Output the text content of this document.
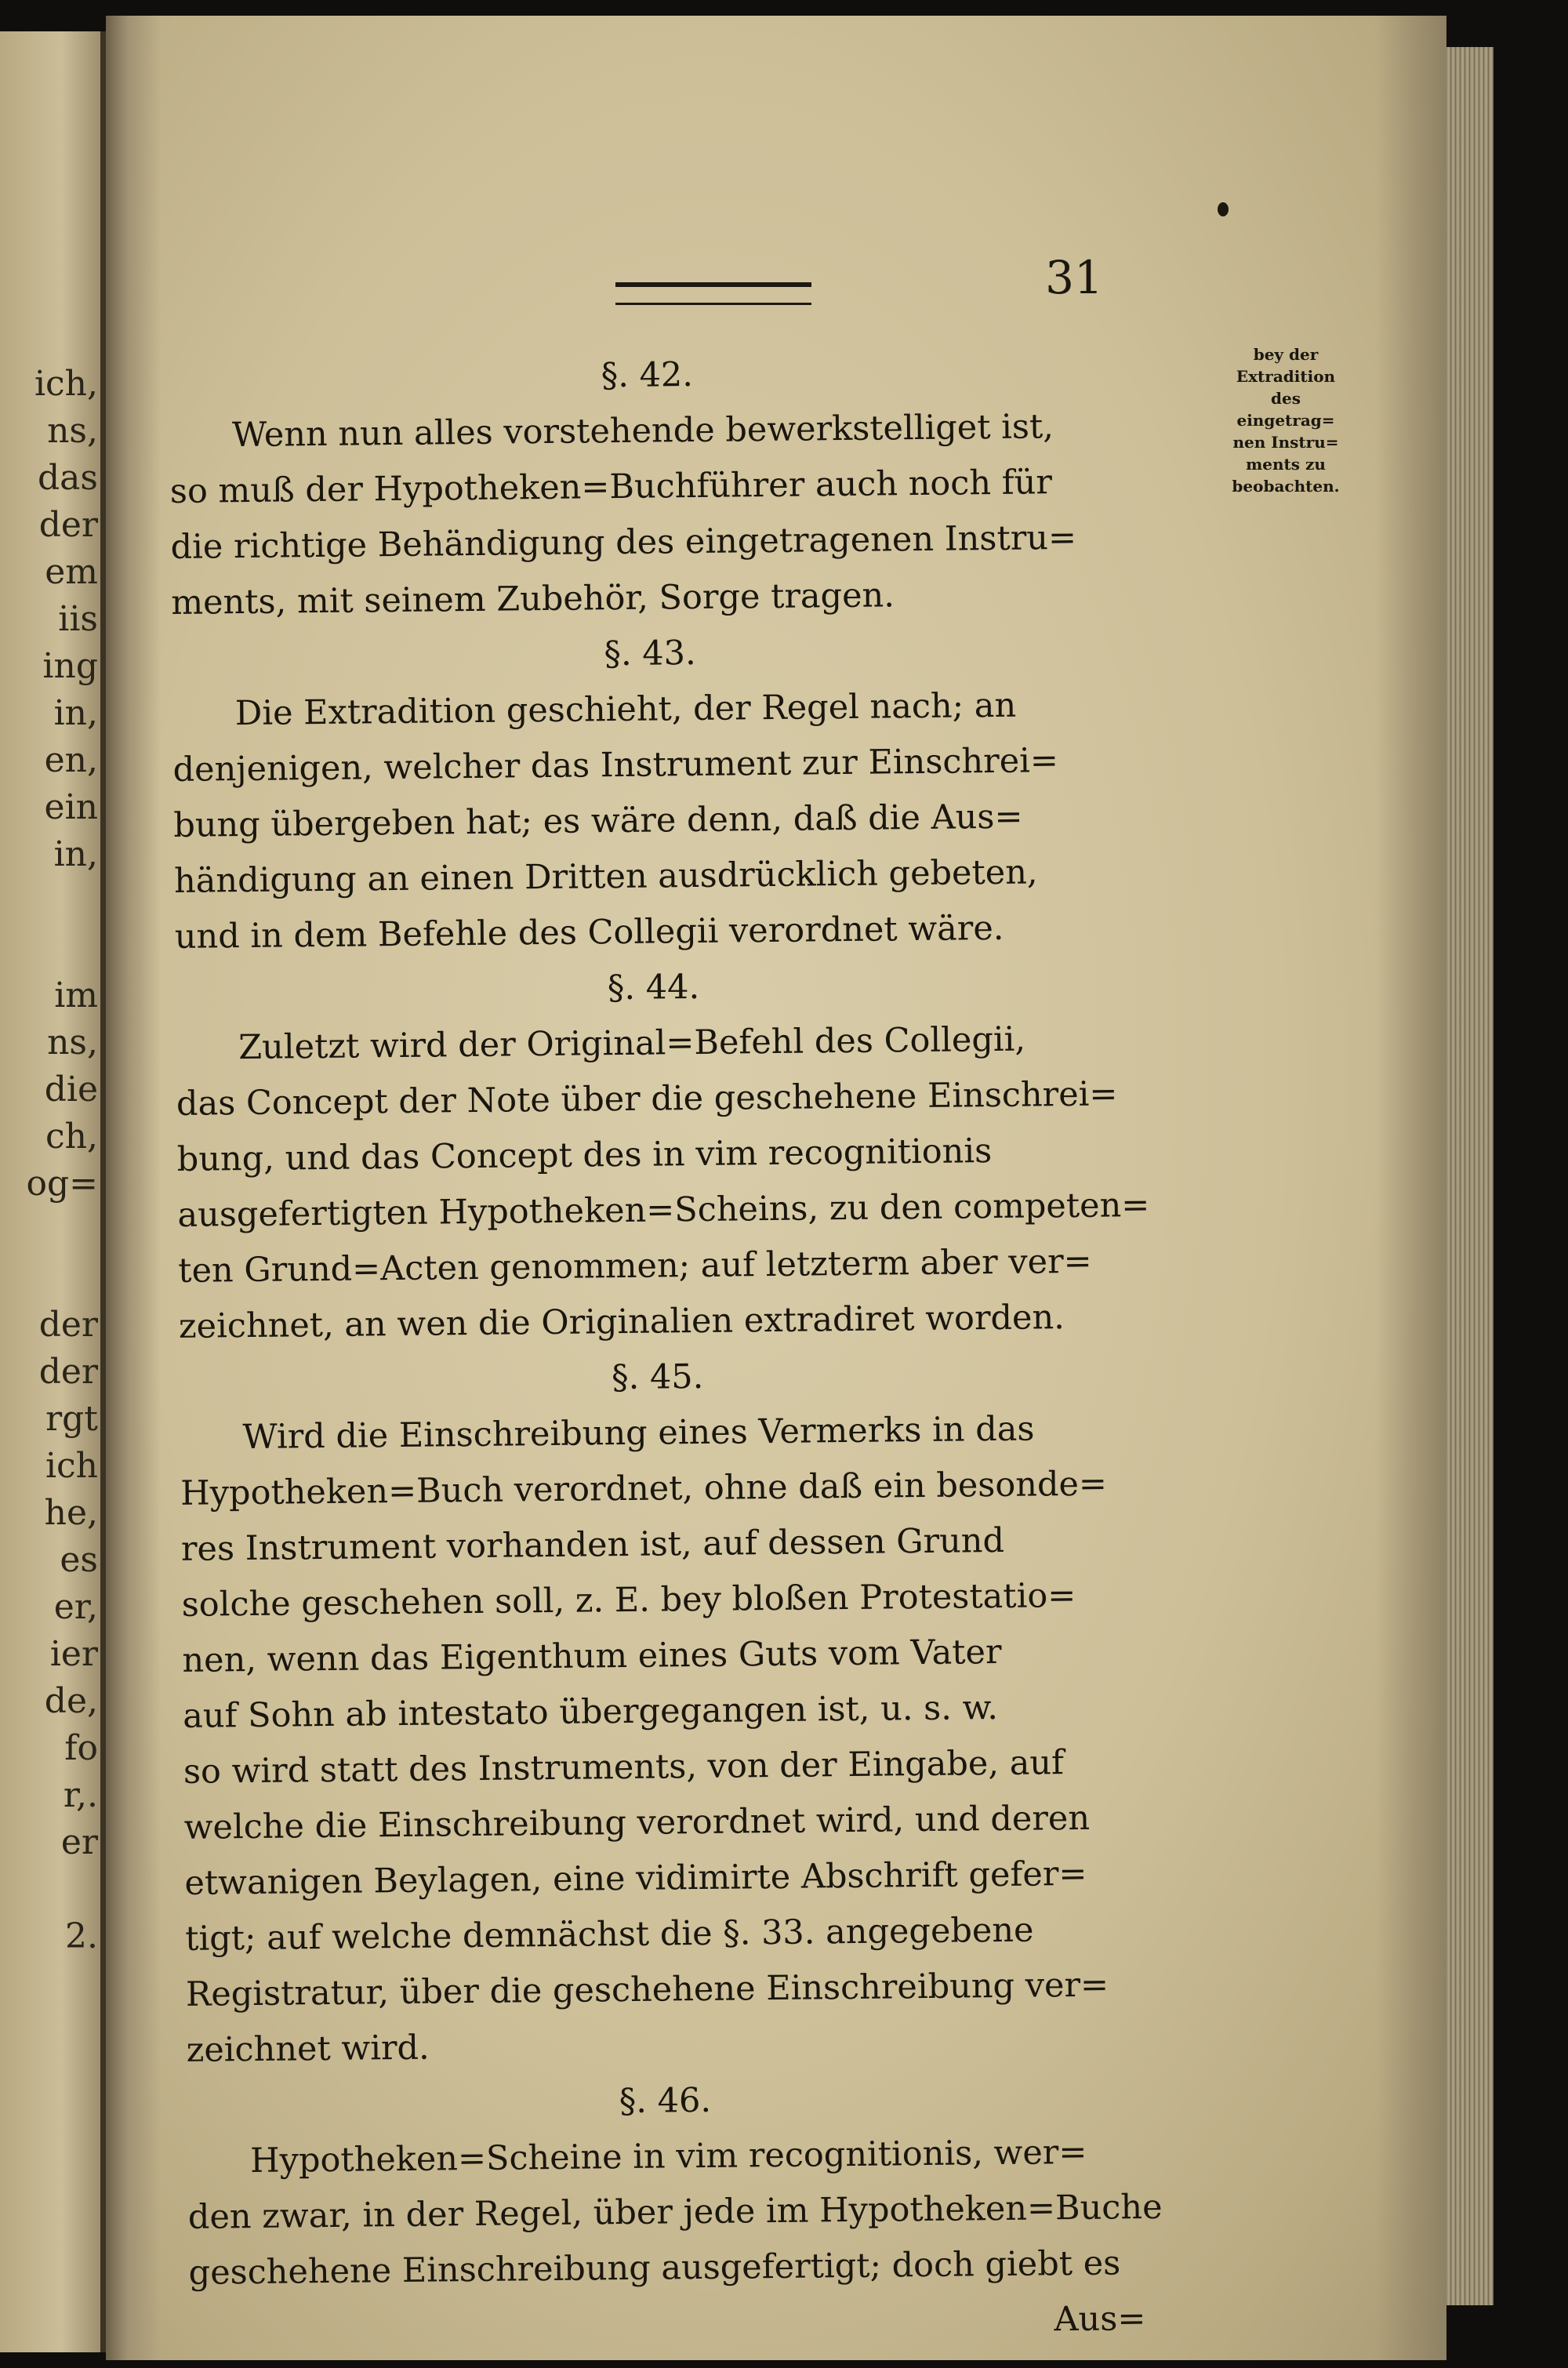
ich,
ns,
das
der
em
iis
ing
in,
en,
ein
in,
im
ns,
die
ch,
og=
der
der
rgt
ich
he,
es
er,
ier
de,
fo
r,.
er
2.
31
bey der
Extradition
des
eingetrag=
nen Instru=
ments zu
beobachten.
§. 42.
Wenn nun alles vorstehende bewerkstelliget ist,
so muß der Hypotheken=Buchführer auch noch für
die richtige Behändigung des eingetragenen Instru=
ments, mit seinem Zubehör, Sorge tragen.
§. 43.
Die Extradition geschieht, der Regel nach; an
denjenigen, welcher das Instrument zur Einschrei=
bung übergeben hat; es wäre denn, daß die Aus=
händigung an einen Dritten ausdrücklich gebeten,
und in dem Befehle des Collegii verordnet wäre.
§. 44.
Zuletzt wird der Original=Befehl des Collegii,
das Concept der Note über die geschehene Einschrei=
bung, und das Concept des in vim recognitionis
ausgefertigten Hypotheken=Scheins, zu den competen=
ten Grund=Acten genommen; auf letzterm aber ver=
zeichnet, an wen die Originalien extradiret worden.
§. 45.
Wird die Einschreibung eines Vermerks in das
Hypotheken=Buch verordnet, ohne daß ein besonde=
res Instrument vorhanden ist, auf dessen Grund
solche geschehen soll, z. E. bey bloßen Protestatio=
nen, wenn das Eigenthum eines Guts vom Vater
auf Sohn ab intestato übergegangen ist, u. s. w.
so wird statt des Instruments, von der Eingabe, auf
welche die Einschreibung verordnet wird, und deren
etwanigen Beylagen, eine vidimirte Abschrift gefer=
tigt; auf welche demnächst die §. 33. angegebene
Registratur, über die geschehene Einschreibung ver=
zeichnet wird.
§. 46.
Hypotheken=Scheine in vim recognitionis, wer=
den zwar, in der Regel, über jede im Hypotheken=Buche
geschehene Einschreibung ausgefertigt; doch giebt es
Aus=
